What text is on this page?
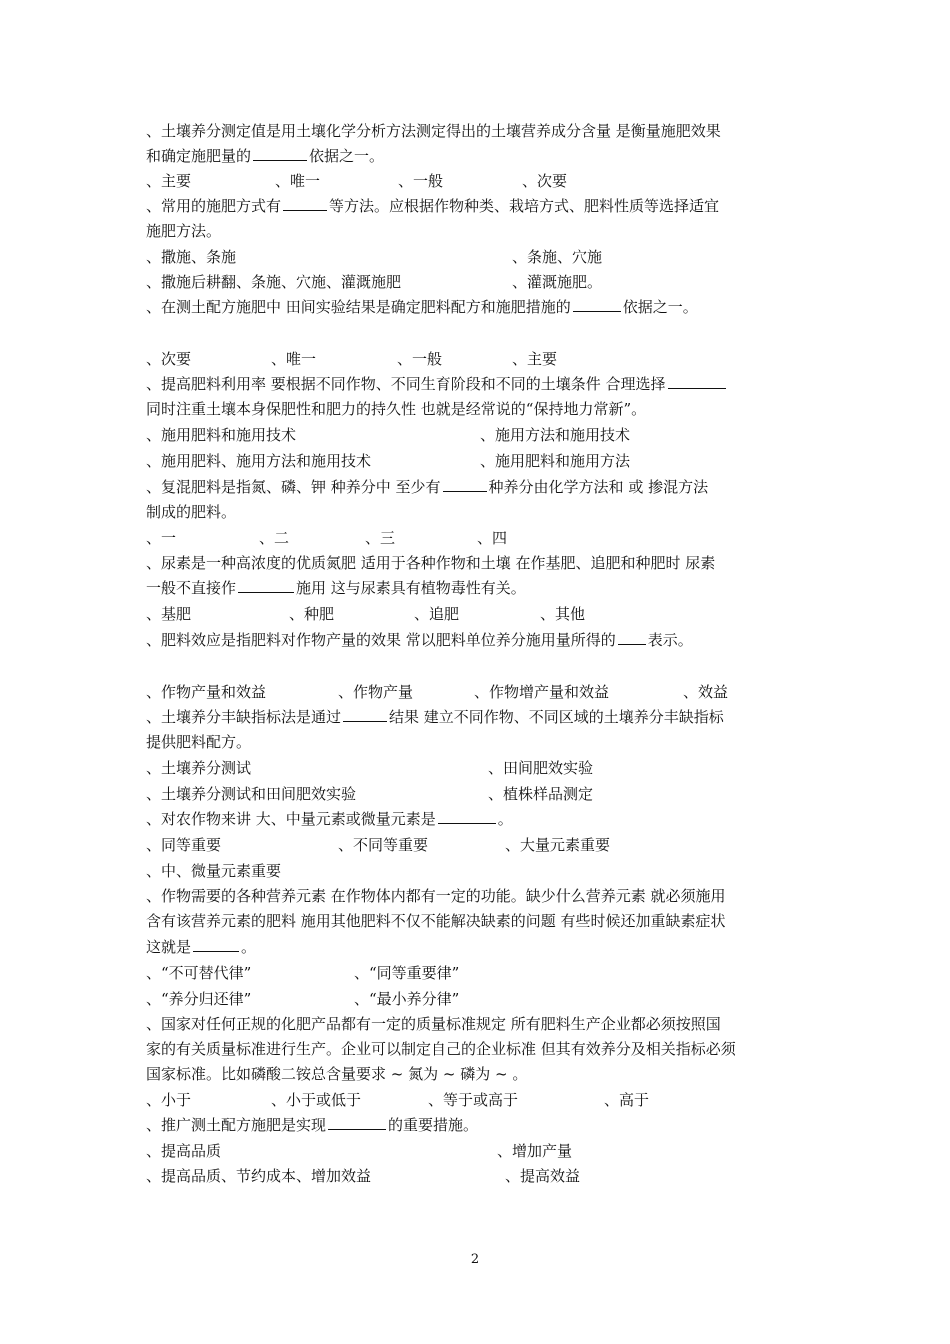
、土壤养分测定值是用土壤化学分析方法测定得出的土壤营养成分含量 是衡量施肥效果
和确定施肥量的	依据之一。
、主要	、唯一	、一般	、次要
、常用的施肥方式有	等方法。应根据作物种类、栽培方式、肥料性质等选择适宜
施肥方法。
、撒施、条施	、条施、穴施
、撒施后耕翻、条施、穴施、灌溉施肥	、灌溉施肥。
、在测土配方施肥中 田间实验结果是确定肥料配方和施肥措施的	依据之一。
、次要	、唯一	、一般	、主要
、提高肥料利用率 要根据不同作物、不同生育阶段和不同的土壤条件 合理选择
同时注重土壤本身保肥性和肥力的持久性 也就是经常说的“保持地力常新”。
、施用肥料和施用技术	、施用方法和施用技术
、施用肥料、施用方法和施用技术	、施用肥料和施用方法
、复混肥料是指氮、磷、钾 种养分中 至少有	种养分由化学方法和 或 掺混方法
制成的肥料。
、一	、二	、三	、四
、尿素是一种高浓度的优质氮肥 适用于各种作物和土壤 在作基肥、追肥和种肥时 尿素
一般不直接作	施用 这与尿素具有植物毒性有关。
、基肥	、种肥	、追肥	、其他
、肥料效应是指肥料对作物产量的效果 常以肥料单位养分施用量所得的 表示。
、作物产量和效益	、作物产量	、作物增产量和效益	、效益
、土壤养分丰缺指标法是通过	结果 建立不同作物、不同区域的土壤养分丰缺指标
提供肥料配方。
、土壤养分测试	、田间肥效实验
、土壤养分测试和田间肥效实验	、植株样品测定
、对农作物来讲 大、中量元素或微量元素是	。
、同等重要	、不同等重要	、大量元素重要
、中、微量元素重要
、作物需要的各种营养元素 在作物体内都有一定的功能。缺少什么营养元素 就必须施用
含有该营养元素的肥料 施用其他肥料不仅不能解决缺素的问题 有些时候还加重缺素症状
这就是	。
、“不可替代律”	、“同等重要律”
、“养分归还律”	、“最小养分律”
、国家对任何正规的化肥产品都有一定的质量标准规定 所有肥料生产企业都必须按照国
家的有关质量标准进行生产。企业可以制定自己的企业标准 但其有效养分及相关指标必须
国家标准。比如磷酸二铵总含量要求 ~ 氮为 ~ 磷为 ~ 。
、小于	、小于或低于	、等于或高于	、高于
、推广测土配方施肥是实现	的重要措施。
、提高品质	、增加产量
、提高品质、节约成本、增加效益	、提高效益
2
